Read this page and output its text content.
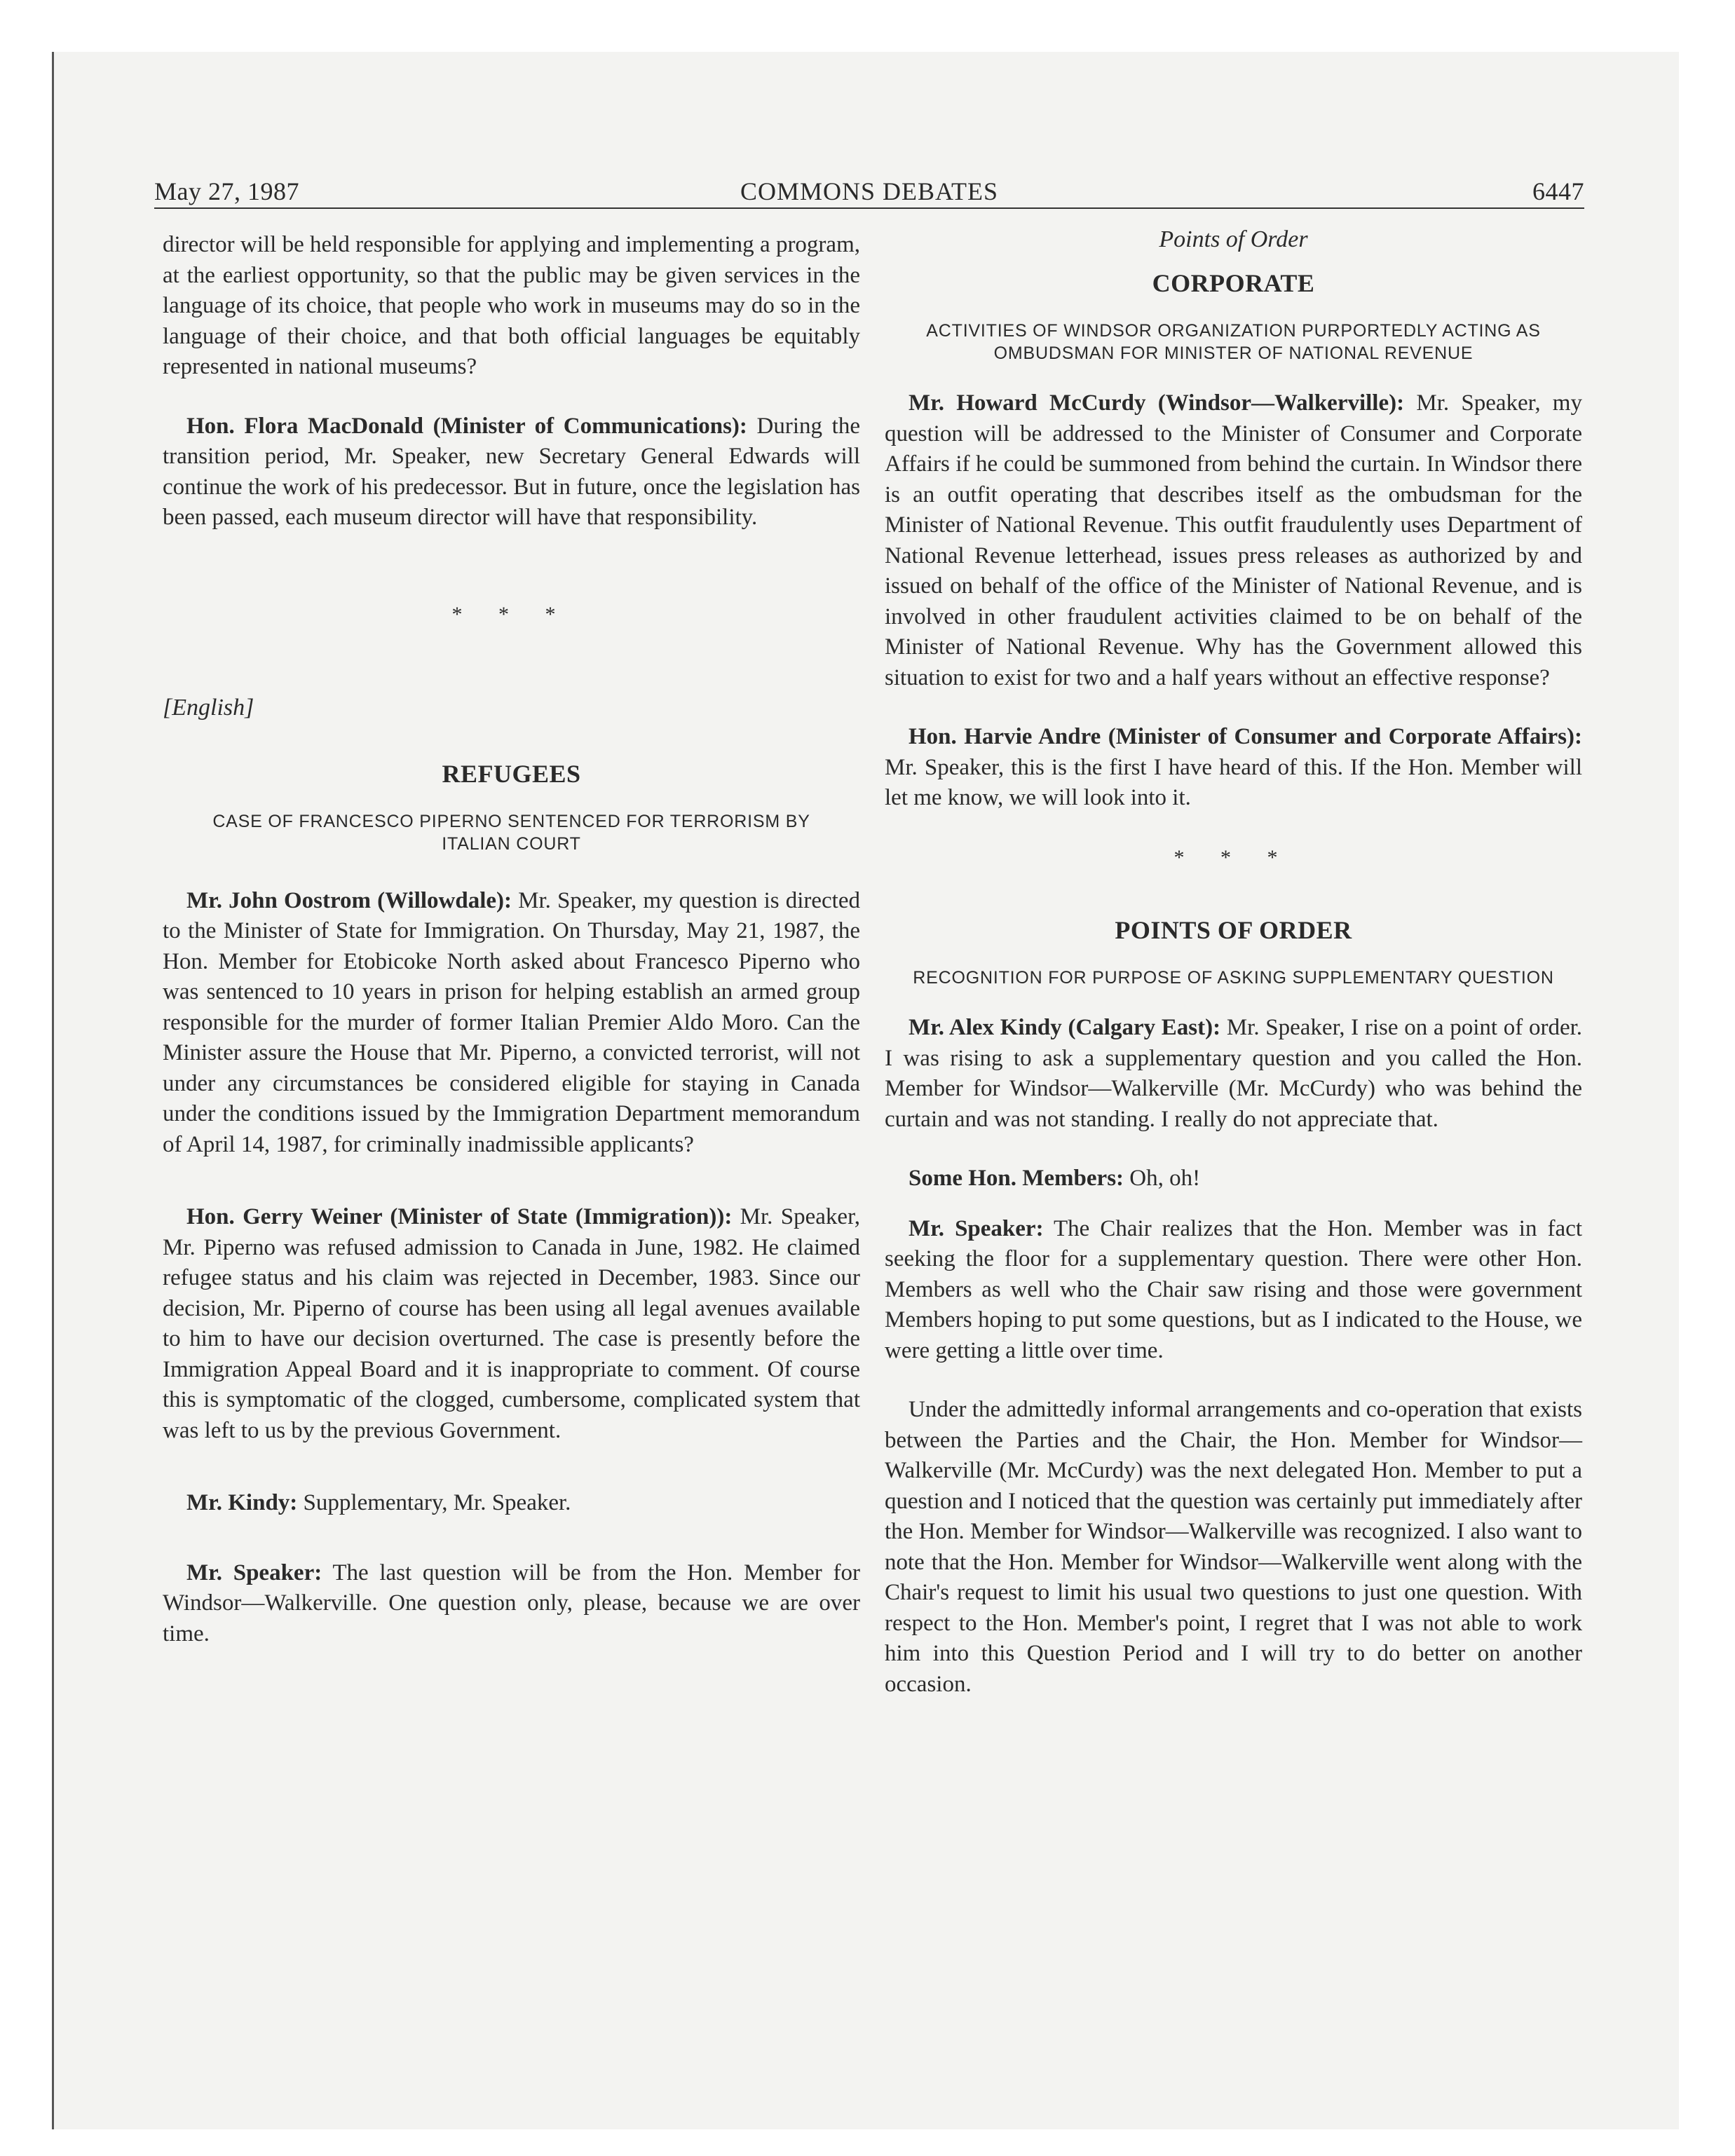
May 27, 1987	COMMONS DEBATES	6447

director will be held responsible for applying and implementing a program, at the earliest opportunity, so that the public may be given services in the language of its choice, that people who work in museums may do so in the language of their choice, and that both official languages be equitably represented in national museums?

Hon. Flora MacDonald (Minister of Communications): During the transition period, Mr. Speaker, new Secretary General Edwards will continue the work of his predecessor. But in future, once the legislation has been passed, each museum director will have that responsibility.

* * *
[English]
REFUGEES
CASE OF FRANCESCO PIPERNO SENTENCED FOR TERRORISM BY ITALIAN COURT

Mr. John Oostrom (Willowdale): Mr. Speaker, my question is directed to the Minister of State for Immigration. On Thursday, May 21, 1987, the Hon. Member for Etobicoke North asked about Francesco Piperno who was sentenced to 10 years in prison for helping establish an armed group responsible for the murder of former Italian Premier Aldo Moro. Can the Minister assure the House that Mr. Piperno, a convicted terrorist, will not under any circumstances be considered eligible for staying in Canada under the conditions issued by the Immigration Department memorandum of April 14, 1987, for criminally inadmissible applicants?

Hon. Gerry Weiner (Minister of State (Immigration)): Mr. Speaker, Mr. Piperno was refused admission to Canada in June, 1982. He claimed refugee status and his claim was rejected in December, 1983. Since our decision, Mr. Piperno of course has been using all legal avenues available to him to have our decision overturned. The case is presently before the Immigration Appeal Board and it is inappropriate to comment. Of course this is symptomatic of the clogged, cumbersome, complicated system that was left to us by the previous Government.

Mr. Kindy: Supplementary, Mr. Speaker.

Mr. Speaker: The last question will be from the Hon. Member for Windsor—Walkerville. One question only, please, because we are over time.

Points of Order
CORPORATE
ACTIVITIES OF WINDSOR ORGANIZATION PURPORTEDLY ACTING AS OMBUDSMAN FOR MINISTER OF NATIONAL REVENUE

Mr. Howard McCurdy (Windsor—Walkerville): Mr. Speaker, my question will be addressed to the Minister of Consumer and Corporate Affairs if he could be summoned from behind the curtain. In Windsor there is an outfit operating that describes itself as the ombudsman for the Minister of National Revenue. This outfit fraudulently uses Department of National Revenue letterhead, issues press releases as authorized by and issued on behalf of the office of the Minister of National Revenue, and is involved in other fraudulent activities claimed to be on behalf of the Minister of National Revenue. Why has the Government allowed this situation to exist for two and a half years without an effective response?

Hon. Harvie Andre (Minister of Consumer and Corporate Affairs): Mr. Speaker, this is the first I have heard of this. If the Hon. Member will let me know, we will look into it.

* * *
POINTS OF ORDER
RECOGNITION FOR PURPOSE OF ASKING SUPPLEMENTARY QUESTION

Mr. Alex Kindy (Calgary East): Mr. Speaker, I rise on a point of order. I was rising to ask a supplementary question and you called the Hon. Member for Windsor—Walkerville (Mr. McCurdy) who was behind the curtain and was not standing. I really do not appreciate that.

Some Hon. Members: Oh, oh!

Mr. Speaker: The Chair realizes that the Hon. Member was in fact seeking the floor for a supplementary question. There were other Hon. Members as well who the Chair saw rising and those were government Members hoping to put some questions, but as I indicated to the House, we were getting a little over time.

Under the admittedly informal arrangements and co-operation that exists between the Parties and the Chair, the Hon. Member for Windsor—Walkerville (Mr. McCurdy) was the next delegated Hon. Member to put a question and I noticed that the question was certainly put immediately after the Hon. Member for Windsor—Walkerville was recognized. I also want to note that the Hon. Member for Windsor—Walkerville went along with the Chair's request to limit his usual two questions to just one question. With respect to the Hon. Member's point, I regret that I was not able to work him into this Question Period and I will try to do better on another occasion.
